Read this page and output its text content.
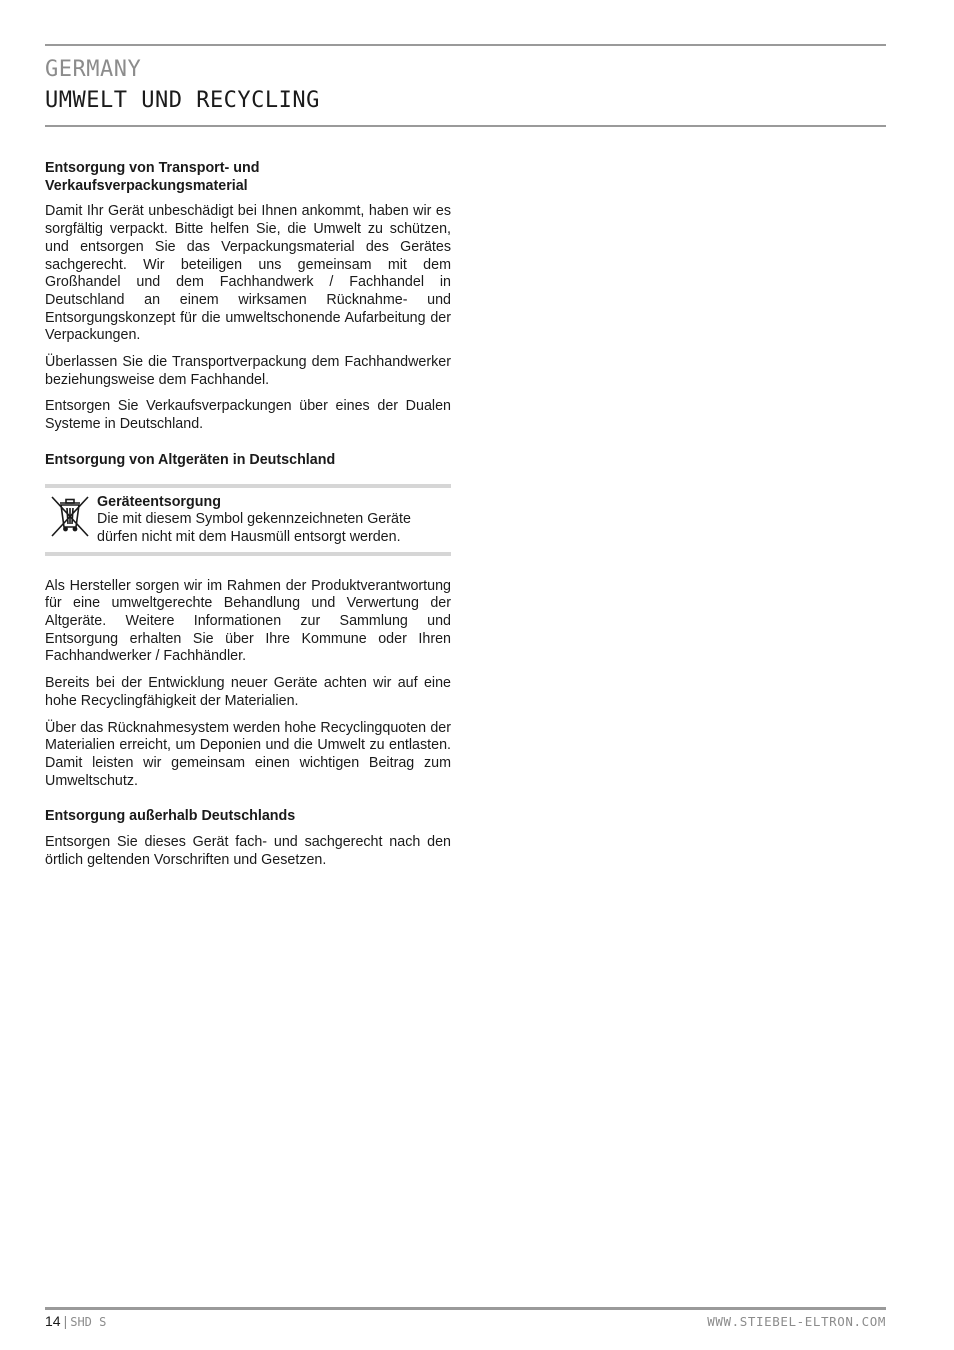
GERMANY
UMWELT UND RECYCLING
Entsorgung von Transport- und
Verkaufsverpackungsmaterial

Damit Ihr Gerät unbeschädigt bei Ihnen ankommt, haben wir es sorgfältig verpackt. Bitte helfen Sie, die Umwelt zu schützen, und entsorgen Sie das Verpackungsmaterial des Gerätes sachgerecht. Wir beteiligen uns gemeinsam mit dem Großhandel und dem Fachhandwerk / Fachhandel in Deutschland an einem wirksamen Rücknahme- und Entsorgungskonzept für die umweltschonende Aufarbeitung der Verpackungen.

Überlassen Sie die Transportverpackung dem Fachhandwerker beziehungsweise dem Fachhandel.

Entsorgen Sie Verkaufsverpackungen über eines der Dualen Systeme in Deutschland.

Entsorgung von Altgeräten in Deutschland
Geräteentsorgung
Die mit diesem Symbol gekennzeichneten Geräte dürfen nicht mit dem Hausmüll entsorgt werden.

Als Hersteller sorgen wir im Rahmen der Produktverantwortung für eine umweltgerechte Behandlung und Verwertung der Altgeräte. Weitere Informationen zur Sammlung und Entsorgung erhalten Sie über Ihre Kommune oder Ihren Fachhandwerker / Fachhändler.

Bereits bei der Entwicklung neuer Geräte achten wir auf eine hohe Recyclingfähigkeit der Materialien.

Über das Rücknahmesystem werden hohe Recyclingquoten der Materialien erreicht, um Deponien und die Umwelt zu entlasten. Damit leisten wir gemeinsam einen wichtigen Beitrag zum Umweltschutz.

Entsorgung außerhalb Deutschlands

Entsorgen Sie dieses Gerät fach- und sachgerecht nach den örtlich geltenden Vorschriften und Gesetzen.

14 | SHD S	WWW.STIEBEL-ELTRON.COM
